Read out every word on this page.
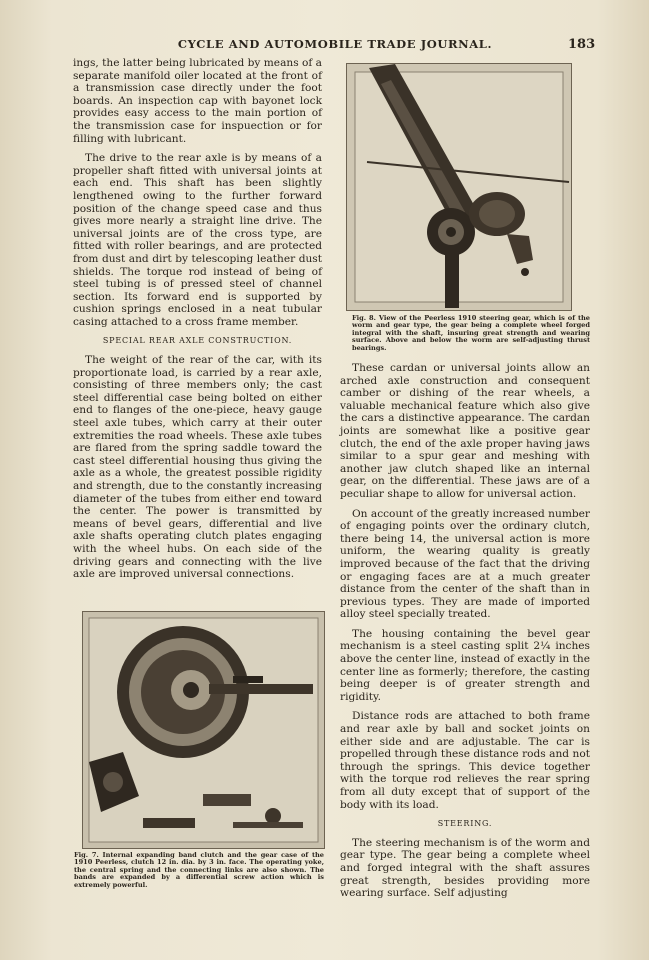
CYCLE AND AUTOMOBILE TRADE JOURNAL.	183

ings, the latter being lubricated by means of a separate manifold oiler located at the front of a transmission case directly under the foot boards. An inspection cap with bayonet lock provides easy access to the main portion of the transmission case for inspuection or for filling with lubricant.

The drive to the rear axle is by means of a propeller shaft fitted with universal joints at each end. This shaft has been slightly lengthened owing to the further forward position of the change speed case and thus gives more nearly a straight line drive. The universal joints are of the cross type, are fitted with roller bearings, and are protected from dust and dirt by telescoping leather dust shields. The torque rod instead of being of steel tubing is of pressed steel of channel section. Its forward end is supported by cushion springs enclosed in a neat tubular casing attached to a cross frame member.

SPECIAL REAR AXLE CONSTRUCTION.

The weight of the rear of the car, with its proportionate load, is carried by a rear axle, consisting of three members only; the cast steel differential case being bolted on either end to flanges of the one-piece, heavy gauge steel axle tubes, which carry at their outer extremities the road wheels. These axle tubes are flared from the spring saddle toward the cast steel differential housing thus giving the axle as a whole, the greatest possible rigidity and strength, due to the constantly increasing diameter of the tubes from either end toward the center. The power is transmitted by means of bevel gears, differential and live axle shafts operating clutch plates engaging with the wheel hubs. On each side of the driving gears and connecting with the live axle are improved universal connections.

Fig. 8. View of the Peerless 1910 steering gear, which is of the worm and gear type, the gear being a complete wheel forged integral with the shaft, insuring great strength and wearing surface. Above and below the worm are self-adjusting thrust bearings.

These cardan or universal joints allow an arched axle construction and consequent camber or dishing of the rear wheels, a valuable mechanical feature which also give the cars a distinctive appearance. The cardan joints are somewhat like a positive gear clutch, the end of the axle proper having jaws similar to a spur gear and meshing with another jaw clutch shaped like an internal gear, on the differential. These jaws are of a peculiar shape to allow for universal action.

On account of the greatly increased number of engaging points over the ordinary clutch, there being 14, the universal action is more uniform, the wearing quality is greatly improved because of the fact that the driving or engaging faces are at a much greater distance from the center of the shaft than in previous types. They are made of imported alloy steel specially treated.

The housing containing the bevel gear mechanism is a steel casting split 2¼ inches above the center line, instead of exactly in the center line as formerly; therefore, the casting being deeper is of greater strength and rigidity.

Distance rods are attached to both frame and rear axle by ball and socket joints on either side and are adjustable. The car is propelled through these distance rods and not through the springs. This device together with the torque rod relieves the rear spring from all duty except that of support of the body with its load.

STEERING.

The steering mechanism is of the worm and gear type. The gear being a complete wheel and forged integral with the shaft assures great strength, besides providing more wearing surface. Self adjusting

Fig. 7. Internal expanding band clutch and the gear case of the 1910 Peerless, clutch 12 in. dia. by 3 in. face. The operating yoke, the central spring and the connecting links are also shown. The bands are expanded by a differential screw action which is extremely powerful.
